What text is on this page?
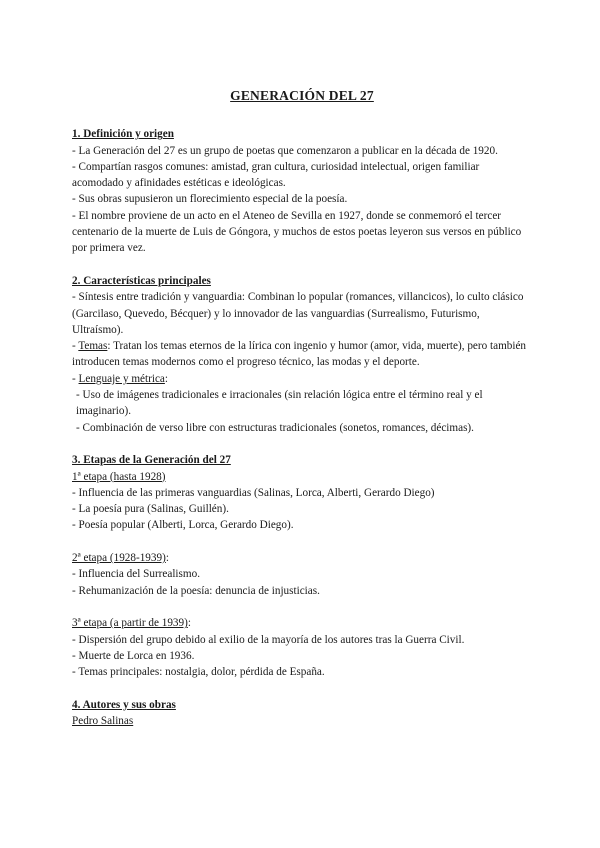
GENERACIÓN DEL 27

1. Definición y origen

- La Generación del 27 es un grupo de poetas que comenzaron a publicar en la década de 1920.

- Compartían rasgos comunes: amistad, gran cultura, curiosidad intelectual, origen familiar acomodado y afinidades estéticas e ideológicas.

- Sus obras supusieron un florecimiento especial de la poesía.

- El nombre proviene de un acto en el Ateneo de Sevilla en 1927, donde se conmemoró el tercer centenario de la muerte de Luis de Góngora, y muchos de estos poetas leyeron sus versos en público por primera vez.

2. Características principales

- Síntesis entre tradición y vanguardia: Combinan lo popular (romances, villancicos), lo culto clásico (Garcilaso, Quevedo, Bécquer) y lo innovador de las vanguardias (Surrealismo, Futurismo, Ultraísmo).

- Temas: Tratan los temas eternos de la lírica con ingenio y humor (amor, vida, muerte), pero también introducen temas modernos como el progreso técnico, las modas y el deporte.

- Lenguaje y métrica:

- Uso de imágenes tradicionales e irracionales (sin relación lógica entre el término real y el imaginario).

- Combinación de verso libre con estructuras tradicionales (sonetos, romances, décimas).

3. Etapas de la Generación del 27

1ª etapa (hasta 1928)

- Influencia de las primeras vanguardias (Salinas, Lorca, Alberti, Gerardo Diego)

- La poesía pura (Salinas, Guillén).

- Poesía popular (Alberti, Lorca, Gerardo Diego).

2ª etapa (1928-1939):

- Influencia del Surrealismo.

- Rehumanización de la poesía: denuncia de injusticias.

3ª etapa (a partir de 1939):

- Dispersión del grupo debido al exilio de la mayoría de los autores tras la Guerra Civil.

- Muerte de Lorca en 1936.

- Temas principales: nostalgia, dolor, pérdida de España.

4. Autores y sus obras

Pedro Salinas
